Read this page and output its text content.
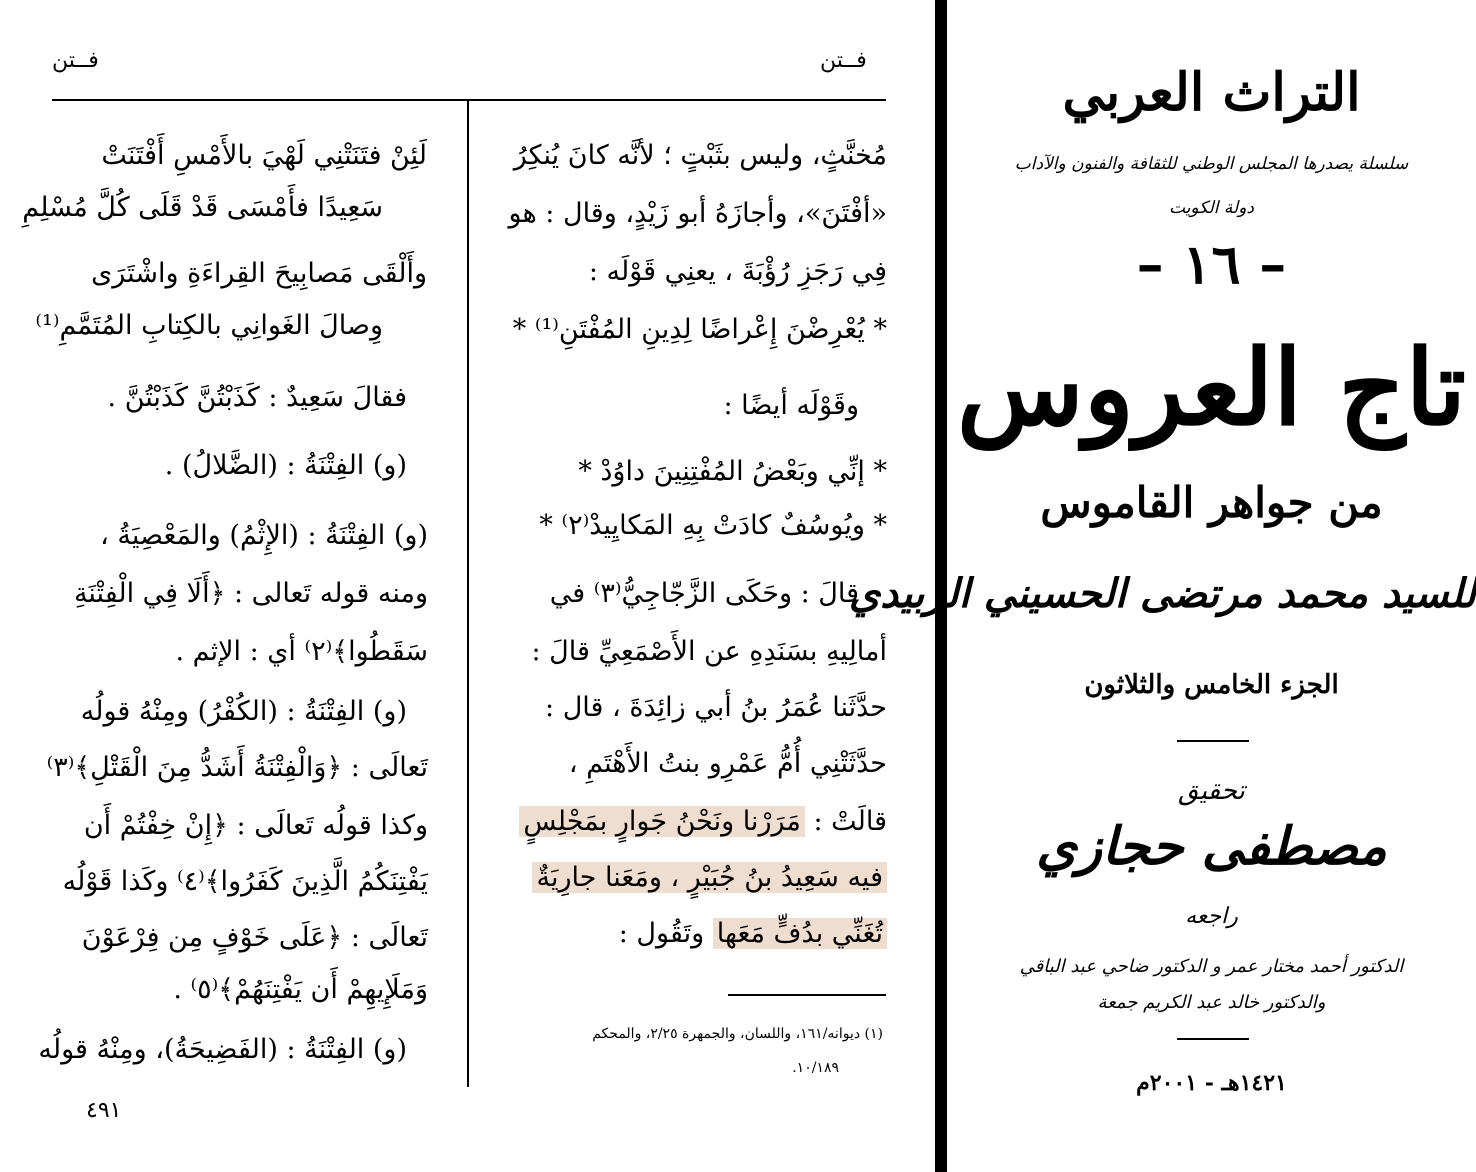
فــتن	فــتن
مُخنَّثٍ، وليس بثَبْتٍ ؛ لأنَّه كانَ يُنكِرُ
«أفْتَنَ»، وأجازَهُ أبو زَيْدٍ، وقال : هو
فِي رَجَزِ رُؤْبَةَ ، يعنِي قَوْلَه :
* يُعْرِضْنَ إِعْراضًا لِدِينِ المُفْتَنِ⁽¹⁾ *
وقَوْلَه أيضًا :
* إنِّي وبَعْضُ المُفْتِنِينَ داوُدْ *
* ويُوسُفٌ كادَتْ بِهِ المَكايِيدْ⁽٢⁾ *
قالَ : وحَكَى الزَّجّاجِيُّ⁽٣⁾ في
أمالِيهِ بسَنَدِهِ عن الأَصْمَعِيِّ قالَ :
حدَّثَنا عُمَرُ بنُ أبي زائِدَةَ ، قال :
حدَّثَتْنِي أُمُّ عَمْرِو بنتُ الأَهْتَمِ ،
قالَتْ : مَرَرْنا ونَحْنُ جَوارٍ بمَجْلِسٍ
فيه سَعِيدُ بنُ جُبَيْرٍ ، ومَعَنا جارِيَةٌ
تُغَنِّي بدُفٍّ مَعَها وتَقُول :
(١) ديوانه/١٦١، واللسان، والجمهرة ٢/٢٥، والمحكم
١٠/١٨٩.
لَئِنْ فتَنَتْنِي لَهْيَ بالأَمْسِ أَفْتَنَتْ
سَعِيدًا فأَمْسَى قَدْ قَلَى كُلَّ مُسْلِمِ
وأَلْقَى مَصابِيحَ القِراءَةِ واشْتَرَى
وِصالَ الغَوانِي بالكِتابِ المُتَمَّمِ⁽¹⁾
فقالَ سَعِيدٌ : كَذَبْتُنَّ كَذَبْتُنَّ .
(و) الفِتْنَةُ : (الضَّلالُ) .
(و) الفِتْنَةُ : (الإِثْمُ) والمَعْصِيَةُ ،
ومنه قوله تَعالى : ﴿أَلَا فِي الْفِتْنَةِ
سَقَطُوا﴾⁽٢⁾ أي : الإثم .
(و) الفِتْنَةُ : (الكُفْرُ) ومِنْهُ قولُه
تَعالَى : ﴿وَالْفِتْنَةُ أَشَدُّ مِنَ الْقَتْلِ﴾⁽٣⁾
وكذا قولُه تَعالَى : ﴿إِنْ خِفْتُمْ أَن
يَفْتِنَكُمُ الَّذِينَ كَفَرُوا﴾⁽٤⁾ وكَذا قَوْلُه
تَعالَى : ﴿عَلَى خَوْفٍ مِن فِرْعَوْنَ
وَمَلَإِيهِمْ أَن يَفْتِنَهُمْ﴾⁽٥⁾ .
(و) الفِتْنَةُ : (الفَضِيحَةُ)، ومِنْهُ قولُه
٤٩١
التراث العربي
سلسلة يصدرها المجلس الوطني للثقافة والفنون والآداب
دولة الكويت
– ١٦ –
تاج العروس
من جواهر القاموس
للسيد محمد مرتضى الحسيني الزبيدي
الجزء الخامس والثلاثون
تحقيق
مصطفى حجازي
راجعه
الدكتور أحمد مختار عمر و الدكتور ضاحي عبد الباقي
والدكتور خالد عبد الكريم جمعة
١٤٢١هـ - ٢٠٠١م
